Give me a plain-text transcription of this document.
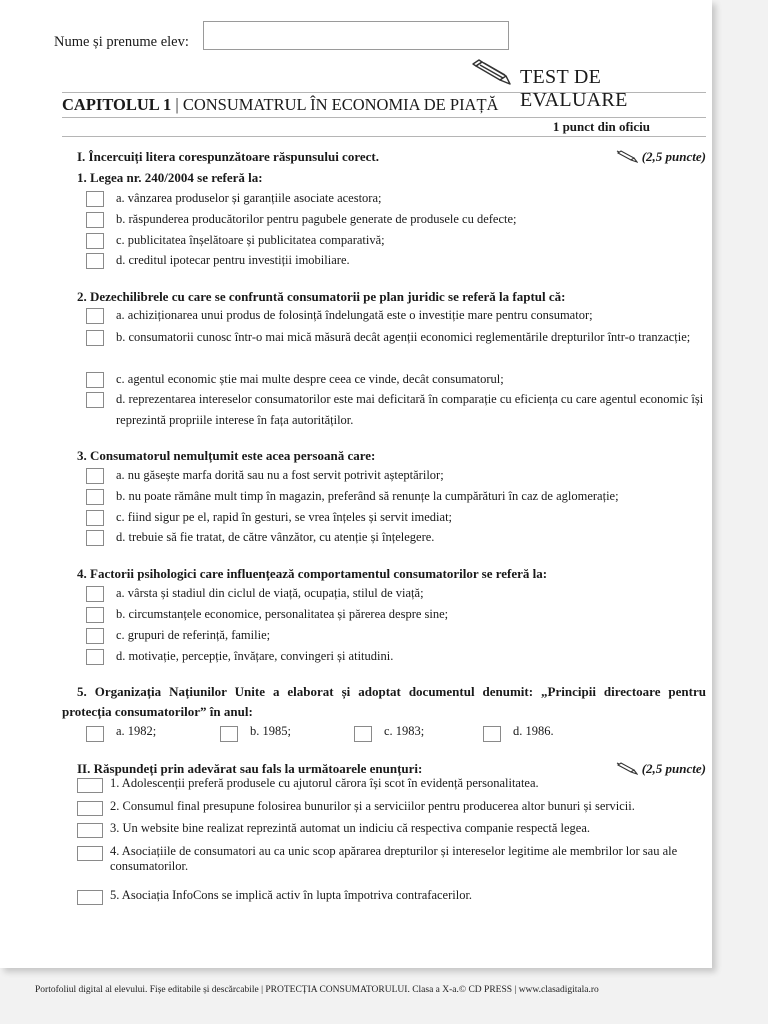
Nume și prenume elev:
TEST DE EVALUARE
CAPITOLUL 1 | CONSUMATRUL ÎN ECONOMIA DE PIAȚĂ
1 punct din oficiu
I. Încercuiți litera corespunzătoare răspunsului corect.	(2,5 puncte)
1. Legea nr. 240/2004 se referă la:
a. vânzarea produselor și garanțiile asociate acestora;
b. răspunderea producătorilor pentru pagubele generate de produsele cu defecte;
c. publicitatea înșelătoare și publicitatea comparativă;
d. creditul ipotecar pentru investiții imobiliare.
2. Dezechilibrele cu care se confruntă consumatorii pe plan juridic se referă la faptul că:
a. achiziționarea unui produs de folosință îndelungată este o investiție mare pentru consumator;
b. consumatorii cunosc într-o mai mică măsură decât agenții economici reglementările drepturilor într-o tranzacție;
c. agentul economic știe mai multe despre ceea ce vinde, decât consumatorul;
d. reprezentarea intereselor consumatorilor este mai deficitară în comparație cu eficiența cu care agentul economic își reprezintă propriile interese în fața autorităților.
3. Consumatorul nemulțumit este acea persoană care:
a. nu găsește marfa dorită sau nu a fost servit potrivit așteptărilor;
b. nu poate rămâne mult timp în magazin, preferând să renunțe la cumpărături în caz de aglomerație;
c. fiind sigur pe el, rapid în gesturi, se vrea înțeles și servit imediat;
d. trebuie să fie tratat, de către vânzător, cu atenție și înțelegere.
4. Factorii psihologici care influențează comportamentul consumatorilor se referă la:
a. vârsta și stadiul din ciclul de viață, ocupația, stilul de viață;
b. circumstanțele economice, personalitatea și părerea despre sine;
c. grupuri de referință, familie;
d. motivație, percepție, învățare, convingeri și atitudini.
5. Organizația Națiunilor Unite a elaborat și adoptat documentul denumit: „Principii directoare pentru
protecția consumatorilor” în anul:
a. 1982;	b. 1985;	c. 1983;	d. 1986.
II. Răspundeți prin adevărat sau fals la următoarele enunțuri:	(2,5 puncte)
1. Adolescenții preferă produsele cu ajutorul cărora își scot în evidență personalitatea.
2. Consumul final presupune folosirea bunurilor și a serviciilor pentru producerea altor bunuri și servicii.
3. Un website bine realizat reprezintă automat un indiciu că respectiva companie respectă legea.
4. Asociațiile de consumatori au ca unic scop apărarea drepturilor și intereselor legitime ale membrilor lor sau ale consumatorilor.
5. Asociația InfoCons se implică activ în lupta împotriva contrafacerilor.
Portofoliul digital al elevului. Fișe editabile și descărcabile | PROTECȚIA CONSUMATORULUI. Clasa a X-a.© CD PRESS | www.clasadigitala.ro
